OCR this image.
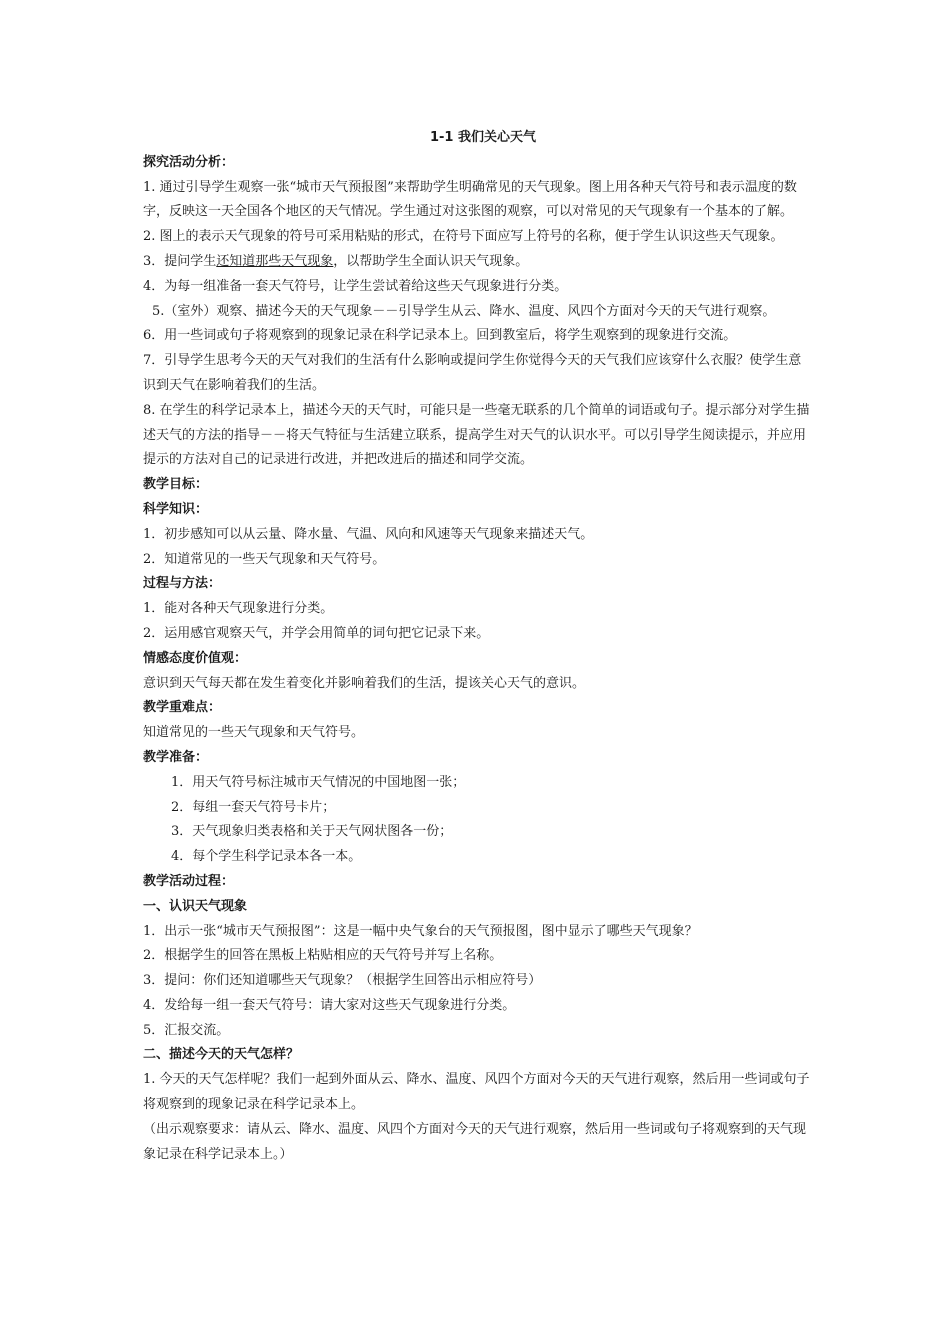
1-1 我们关心天气

探究活动分析：

1. 通过引导学生观察一张“城市天气预报图”来帮助学生明确常见的天气现象。图上用各种天气符号和表示温度的数字，反映这一天全国各个地区的天气情况。学生通过对这张图的观察，可以对常见的天气现象有一个基本的了解。

2. 图上的表示天气现象的符号可采用粘贴的形式，在符号下面应写上符号的名称，便于学生认识这些天气现象。

3．提问学生还知道那些天气现象，以帮助学生全面认识天气现象。

4．为每一组准备一套天气符号，让学生尝试着给这些天气现象进行分类。

5.（室外）观察、描述今天的天气现象－－引导学生从云、降水、温度、风四个方面对今天的天气进行观察。

6．用一些词或句子将观察到的现象记录在科学记录本上。回到教室后，将学生观察到的现象进行交流。

7．引导学生思考今天的天气对我们的生活有什么影响或提问学生你觉得今天的天气我们应该穿什么衣服？使学生意识到天气在影响着我们的生活。

8. 在学生的科学记录本上，描述今天的天气时，可能只是一些毫无联系的几个简单的词语或句子。提示部分对学生描述天气的方法的指导－－将天气特征与生活建立联系，提高学生对天气的认识水平。可以引导学生阅读提示，并应用提示的方法对自己的记录进行改进，并把改进后的描述和同学交流。

教学目标：

科学知识：

1．初步感知可以从云量、降水量、气温、风向和风速等天气现象来描述天气。

2．知道常见的一些天气现象和天气符号。

过程与方法：

1．能对各种天气现象进行分类。

2．运用感官观察天气，并学会用简单的词句把它记录下来。

情感态度价值观：

意识到天气每天都在发生着变化并影响着我们的生活，提该关心天气的意识。

教学重难点：

知道常见的一些天气现象和天气符号。

教学准备：

1．用天气符号标注城市天气情况的中国地图一张；

2．每组一套天气符号卡片；

3．天气现象归类表格和关于天气网状图各一份；

4．每个学生科学记录本各一本。

教学活动过程：

一、认识天气现象

1．出示一张“城市天气预报图”：这是一幅中央气象台的天气预报图，图中显示了哪些天气现象？

2．根据学生的回答在黑板上粘贴相应的天气符号并写上名称。

3．提问：你们还知道哪些天气现象？（根据学生回答出示相应符号）

4．发给每一组一套天气符号：请大家对这些天气现象进行分类。

5．汇报交流。

二、描述今天的天气怎样？

1. 今天的天气怎样呢？我们一起到外面从云、降水、温度、风四个方面对今天的天气进行观察，然后用一些词或句子将观察到的现象记录在科学记录本上。

（出示观察要求：请从云、降水、温度、风四个方面对今天的天气进行观察，然后用一些词或句子将观察到的天气现象记录在科学记录本上。）
